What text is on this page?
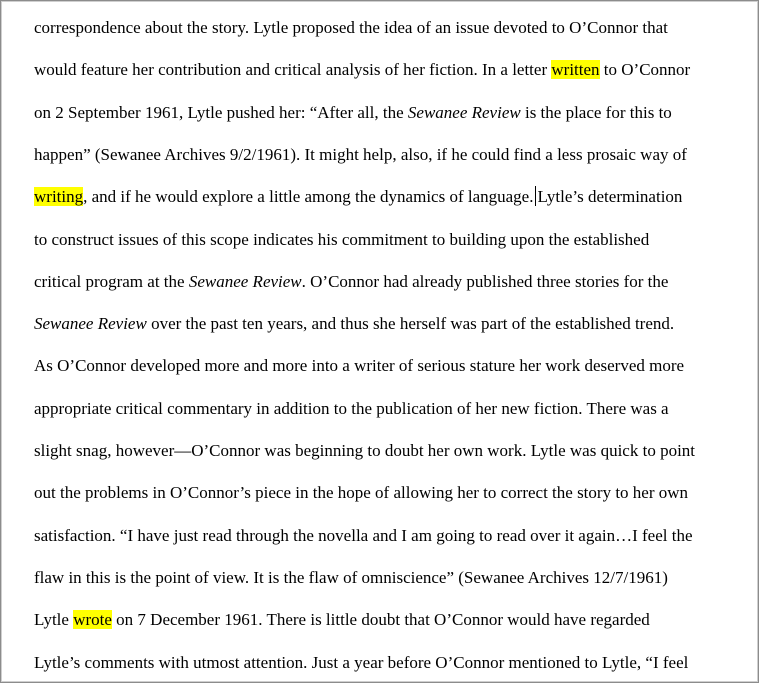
correspondence about the story. Lytle proposed the idea of an issue devoted to O’Connor that
would feature her contribution and critical analysis of her fiction. In a letter written to O’Connor
on 2 September 1961, Lytle pushed her: “After all, the Sewanee Review is the place for this to
happen” (Sewanee Archives 9/2/1961). It might help, also, if he could find a less prosaic way of
writing, and if he would explore a little among the dynamics of language. Lytle’s determination
to construct issues of this scope indicates his commitment to building upon the established
critical program at the Sewanee Review. O’Connor had already published three stories for the
Sewanee Review over the past ten years, and thus she herself was part of the established trend.
As O’Connor developed more and more into a writer of serious stature her work deserved more
appropriate critical commentary in addition to the publication of her new fiction. There was a
slight snag, however—O’Connor was beginning to doubt her own work. Lytle was quick to point
out the problems in O’Connor’s piece in the hope of allowing her to correct the story to her own
satisfaction. “I have just read through the novella and I am going to read over it again…I feel the
flaw in this is the point of view. It is the flaw of omniscience” (Sewanee Archives 12/7/1961)
Lytle wrote on 7 December 1961. There is little doubt that O’Connor would have regarded
Lytle’s comments with utmost attention. Just a year before O’Connor mentioned to Lytle, “I feel
